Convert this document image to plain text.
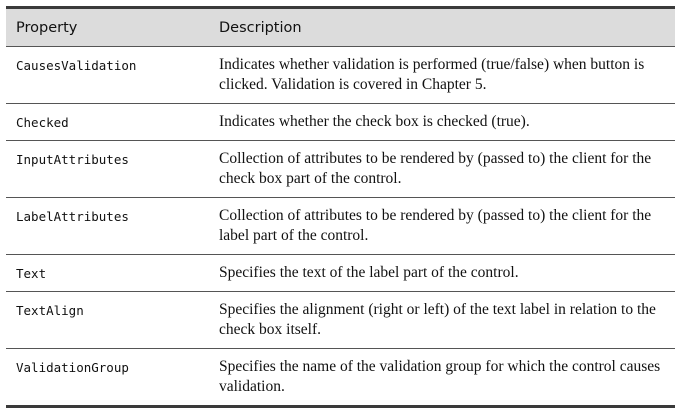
Property	Description
CausesValidation	Indicates whether validation is performed (true/false) when button is clicked. Validation is covered in Chapter 5.
Checked	Indicates whether the check box is checked (true).
InputAttributes	Collection of attributes to be rendered by (passed to) the client for the check box part of the control.
LabelAttributes	Collection of attributes to be rendered by (passed to) the client for the label part of the control.
Text	Specifies the text of the label part of the control.
TextAlign	Specifies the alignment (right or left) of the text label in relation to the check box itself.
ValidationGroup	Specifies the name of the validation group for which the control causes validation.
